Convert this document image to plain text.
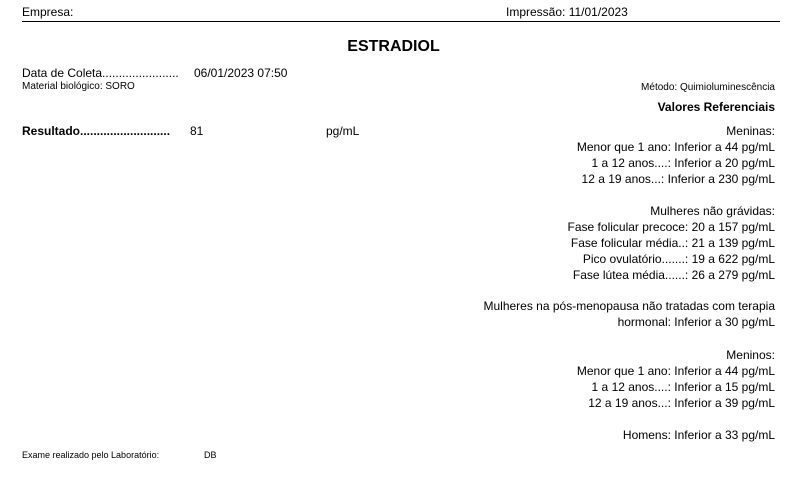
Empresa:	Impressão: 11/01/2023
ESTRADIOL
Data de Coleta....................... 06/01/2023 07:50
Material biológico: SORO	Método: Quimioluminescência
Valores Referenciais
Resultado........................... 81	pg/mL	Meninas:
Menor que 1 ano: Inferior a 44 pg/mL
1 a 12 anos....: Inferior a 20 pg/mL
12 a 19 anos...: Inferior a 230 pg/mL
Mulheres não grávidas:
Fase folicular precoce: 20 a 157 pg/mL
Fase folicular média..: 21 a 139 pg/mL
Pico ovulatório.......: 19 a 622 pg/mL
Fase lútea média......: 26 a 279 pg/mL
Mulheres na pós-menopausa não tratadas com terapia
hormonal: Inferior a 30 pg/mL
Meninos:
Menor que 1 ano: Inferior a 44 pg/mL
1 a 12 anos....: Inferior a 15 pg/mL
12 a 19 anos...: Inferior a 39 pg/mL
Homens: Inferior a 33 pg/mL
Exame realizado pelo Laboratório:	DB
